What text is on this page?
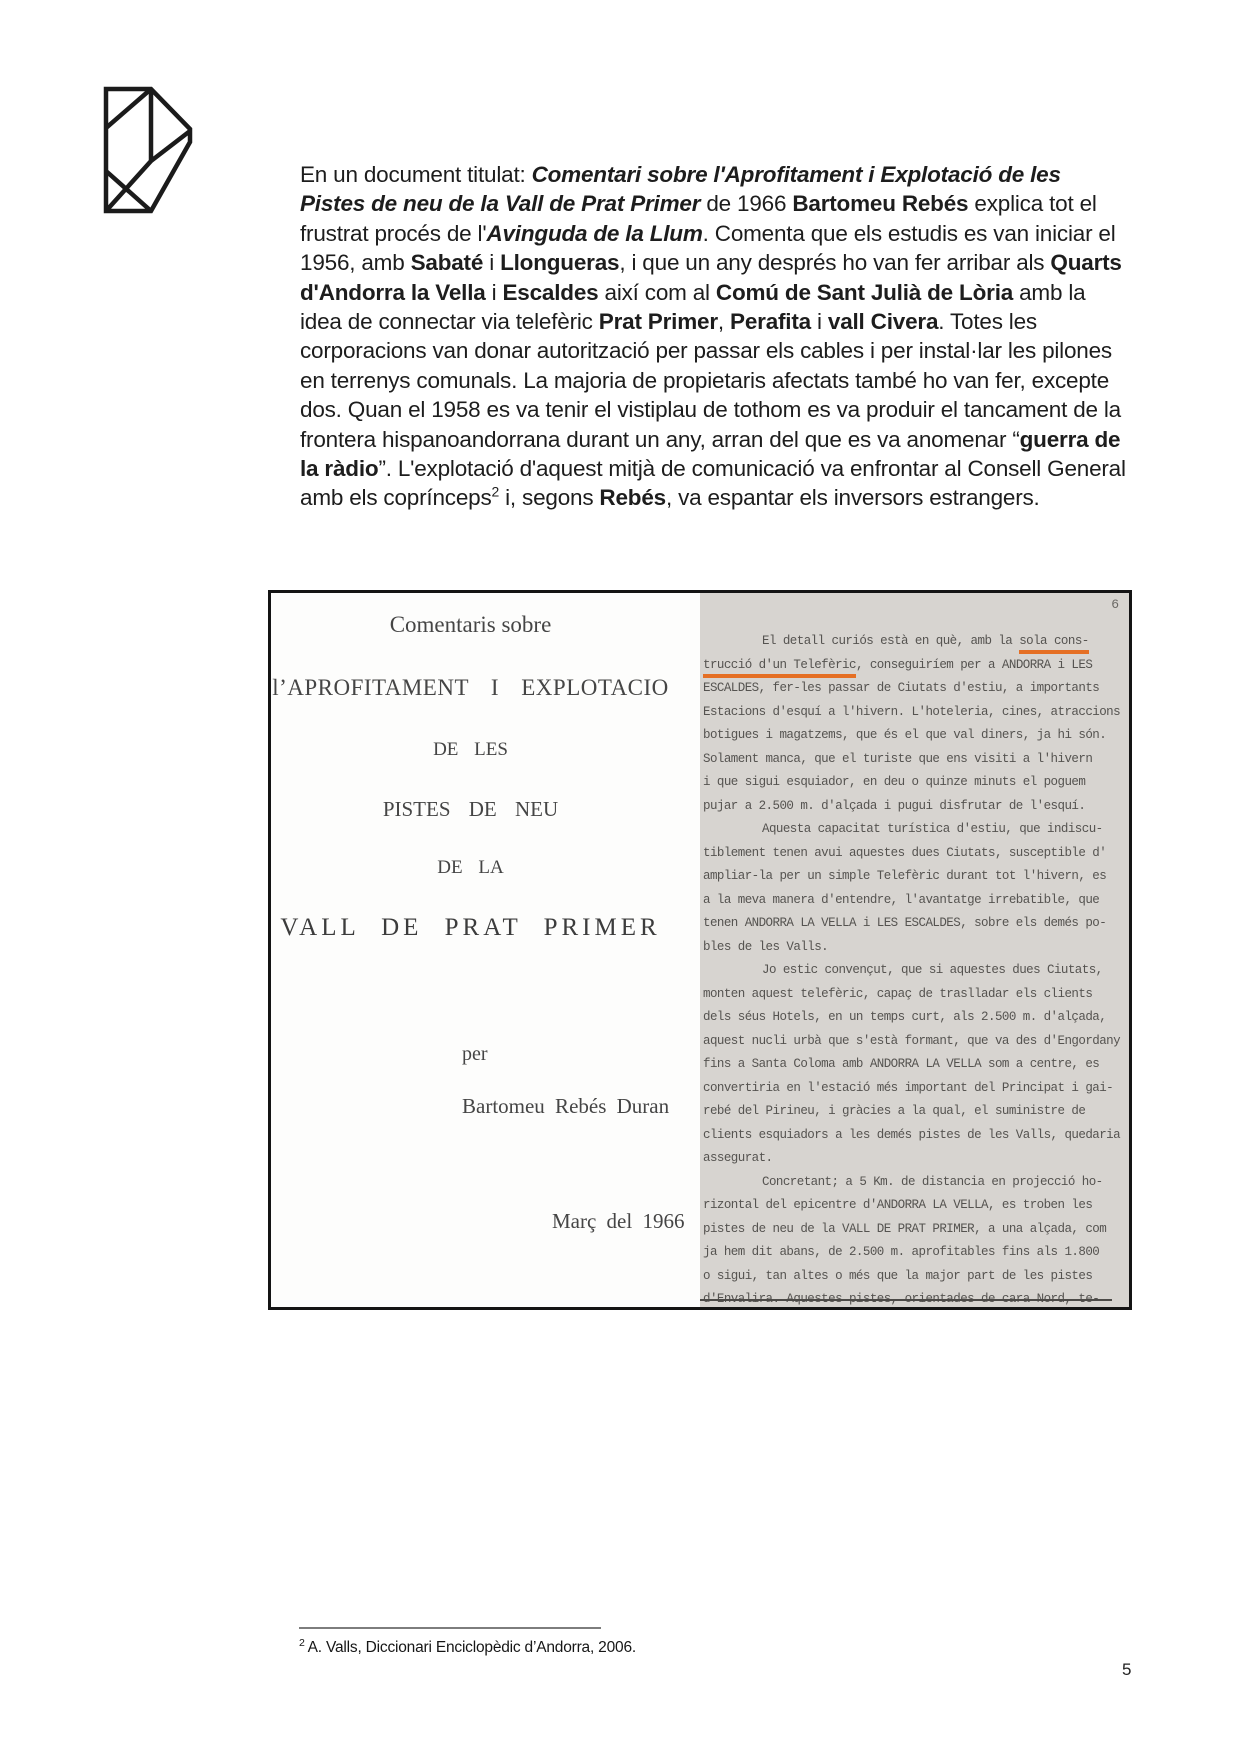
En un document titulat: Comentari sobre l'Aprofitament i Explotació de les Pistes de neu de la Vall de Prat Primer de 1966 Bartomeu Rebés explica tot el frustrat procés de l'Avinguda de la Llum. Comenta que els estudis es van iniciar el 1956, amb Sabaté i Llongueras, i que un any després ho van fer arribar als Quarts d'Andorra la Vella i Escaldes així com al Comú de Sant Julià de Lòria amb la idea de connectar via telefèric Prat Primer, Perafita i vall Civera. Totes les corporacions van donar autorització per passar els cables i per instal·lar les pilones en terrenys comunals. La majoria de propietaris afectats també ho van fer, excepte dos. Quan el 1958 es va tenir el vistiplau de tothom es va produir el tancament de la frontera hispanoandorrana durant un any, arran del que es va anomenar “guerra de la ràdio”. L'explotació d'aquest mitjà de comunicació va enfrontar al Consell General amb els coprínceps$^2$ i, segons Rebés, va espantar els inversors estrangers.

Comentaris sobre
l’APROFITAMENT I EXPLOTACIO
DE LES
PISTES DE NEU
DE LA
VALL DE PRAT PRIMER
per
Bartomeu Rebés Duran
Març del 1966
6
El detall curiós està en què, amb la sola cons-
trucció d'un Telefèric, conseguiríem per a ANDORRA i LES
ESCALDES, fer-les passar de Ciutats d'estiu, a importants
Estacions d'esquí a l'hivern. L'hoteleria, cines, atraccions
botigues i magatzems, que és el que val diners, ja hi són.
Solament manca, que el turiste que ens visiti a l'hivern
i que sigui esquiador, en deu o quinze minuts el poguem
pujar a 2.500 m. d'alçada i pugui disfrutar de l'esquí.
Aquesta capacitat turística d'estiu, que indiscu-
tiblement tenen avui aquestes dues Ciutats, susceptible d'
ampliar-la per un simple Telefèric durant tot l'hivern, es
a la meva manera d'entendre, l'avantatge irrebatible, que
tenen ANDORRA LA VELLA i LES ESCALDES, sobre els demés po-
bles de les Valls.
Jo estic convençut, que si aquestes dues Ciutats,
monten aquest telefèric, capaç de traslladar els clients
dels séus Hotels, en un temps curt, als 2.500 m. d'alçada,
aquest nucli urbà que s'està formant, que va des d'Engordany
fins a Santa Coloma amb ANDORRA LA VELLA som a centre, es
convertiria en l'estació més important del Principat i gai-
rebé del Pirineu, i gràcies a la qual, el suministre de
clients esquiadors a les demés pistes de les Valls, quedaria
assegurat.
Concretant; a 5 Km. de distancia en projecció ho-
rizontal del epicentre d'ANDORRA LA VELLA, es troben les
pistes de neu de la VALL DE PRAT PRIMER, a una alçada, com
ja hem dit abans, de 2.500 m. aprofitables fins als 1.800
o sigui, tan altes o més que la major part de les pistes
$^2$ A. Valls, Diccionari Enciclopèdic d’Andorra, 2006.
5
